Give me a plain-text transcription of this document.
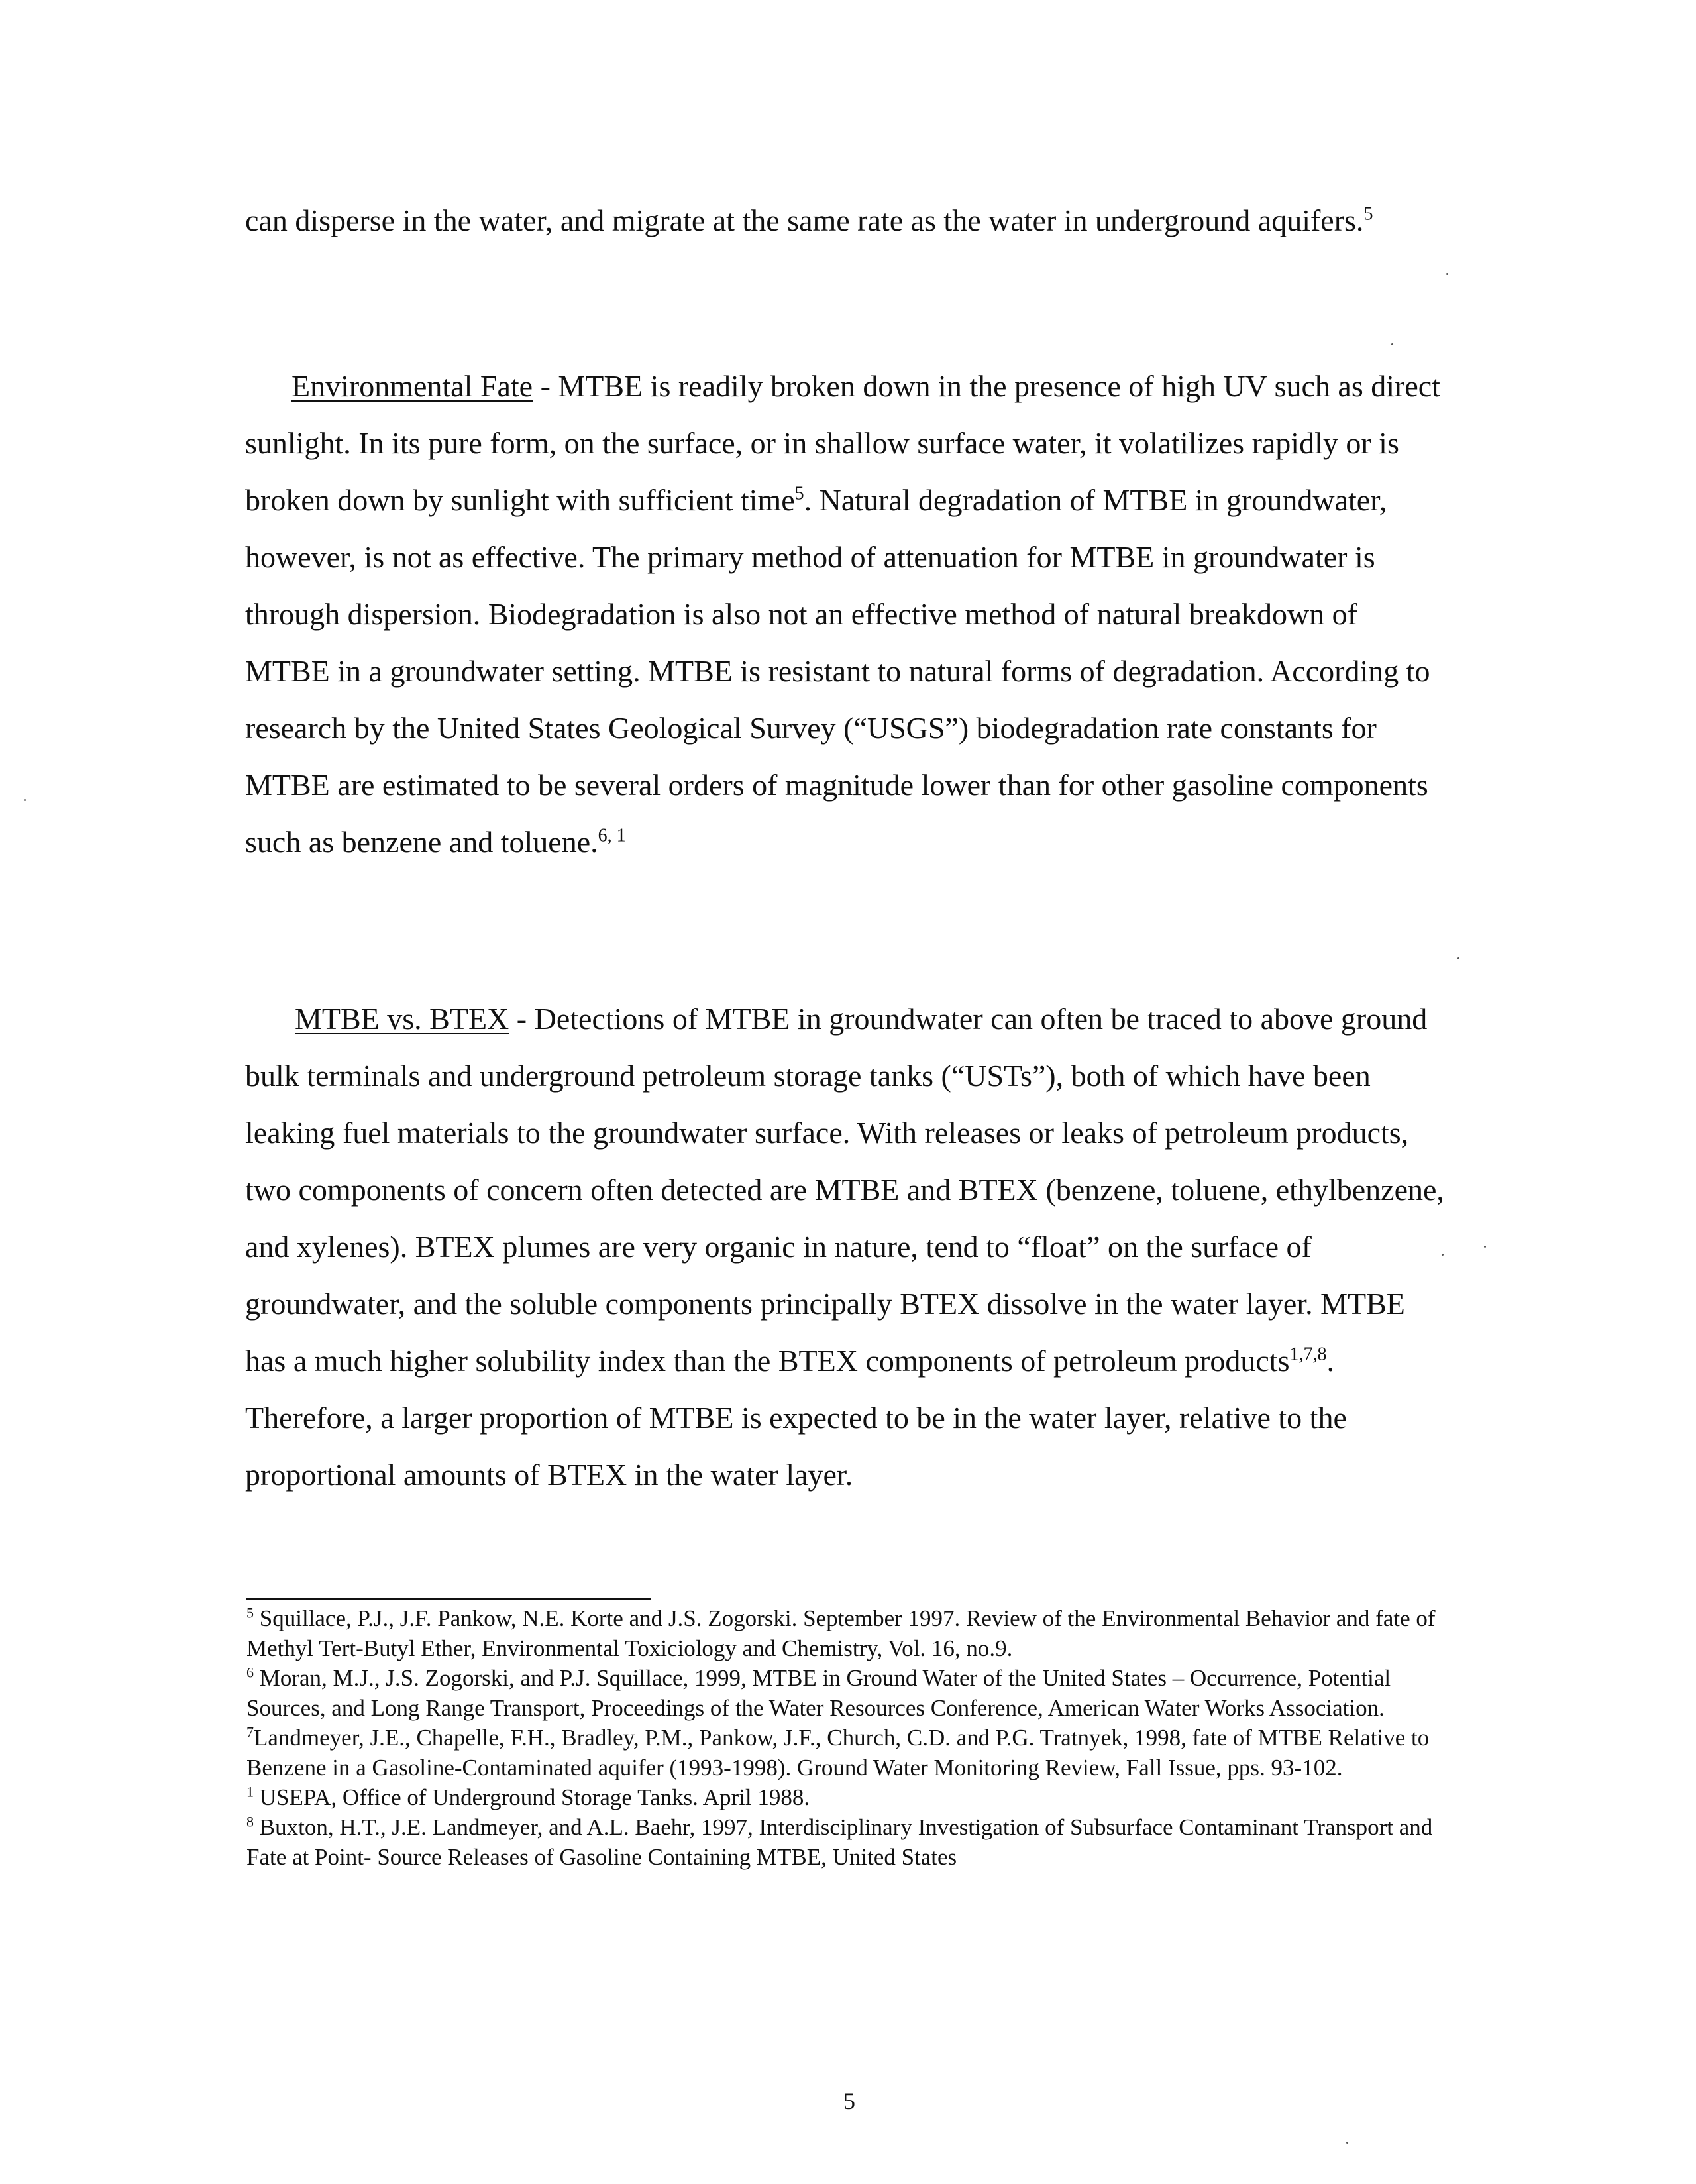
can disperse in the water, and migrate at the same rate as the water in underground aquifers.$^5$

Environmental Fate - MTBE is readily broken down in the presence of high UV such as direct sunlight. In its pure form, on the surface, or in shallow surface water, it volatilizes rapidly or is broken down by sunlight with sufficient time$^5$. Natural degradation of MTBE in groundwater, however, is not as effective. The primary method of attenuation for MTBE in groundwater is through dispersion. Biodegradation is also not an effective method of natural breakdown of MTBE in a groundwater setting. MTBE is resistant to natural forms of degradation. According to research by the United States Geological Survey (“USGS”) biodegradation rate constants for MTBE are estimated to be several orders of magnitude lower than for other gasoline components such as benzene and toluene.$^{6, 1}$

MTBE vs. BTEX - Detections of MTBE in groundwater can often be traced to above ground bulk terminals and underground petroleum storage tanks (“USTs”), both of which have been leaking fuel materials to the groundwater surface. With releases or leaks of petroleum products, two components of concern often detected are MTBE and BTEX (benzene, toluene, ethylbenzene, and xylenes). BTEX plumes are very organic in nature, tend to “float” on the surface of groundwater, and the soluble components principally BTEX dissolve in the water layer. MTBE has a much higher solubility index than the BTEX components of petroleum products$^{1,7,8}$. Therefore, a larger proportion of MTBE is expected to be in the water layer, relative to the proportional amounts of BTEX in the water layer.

$^5$ Squillace, P.J., J.F. Pankow, N.E. Korte and J.S. Zogorski. September 1997. Review of the Environmental Behavior and fate of Methyl Tert-Butyl Ether, Environmental Toxiciology and Chemistry, Vol. 16, no.9.

$^6$ Moran, M.J., J.S. Zogorski, and P.J. Squillace, 1999, MTBE in Ground Water of the United States – Occurrence, Potential Sources, and Long Range Transport, Proceedings of the Water Resources Conference, American Water Works Association.

$^7$Landmeyer, J.E., Chapelle, F.H., Bradley, P.M., Pankow, J.F., Church, C.D. and P.G. Tratnyek, 1998, fate of MTBE Relative to Benzene in a Gasoline-Contaminated aquifer (1993-1998). Ground Water Monitoring Review, Fall Issue, pps. 93-102.

$^1$ USEPA, Office of Underground Storage Tanks. April 1988.

$^8$ Buxton, H.T., J.E. Landmeyer, and A.L. Baehr, 1997, Interdisciplinary Investigation of Subsurface Contaminant Transport and Fate at Point- Source Releases of Gasoline Containing MTBE, United States

5
